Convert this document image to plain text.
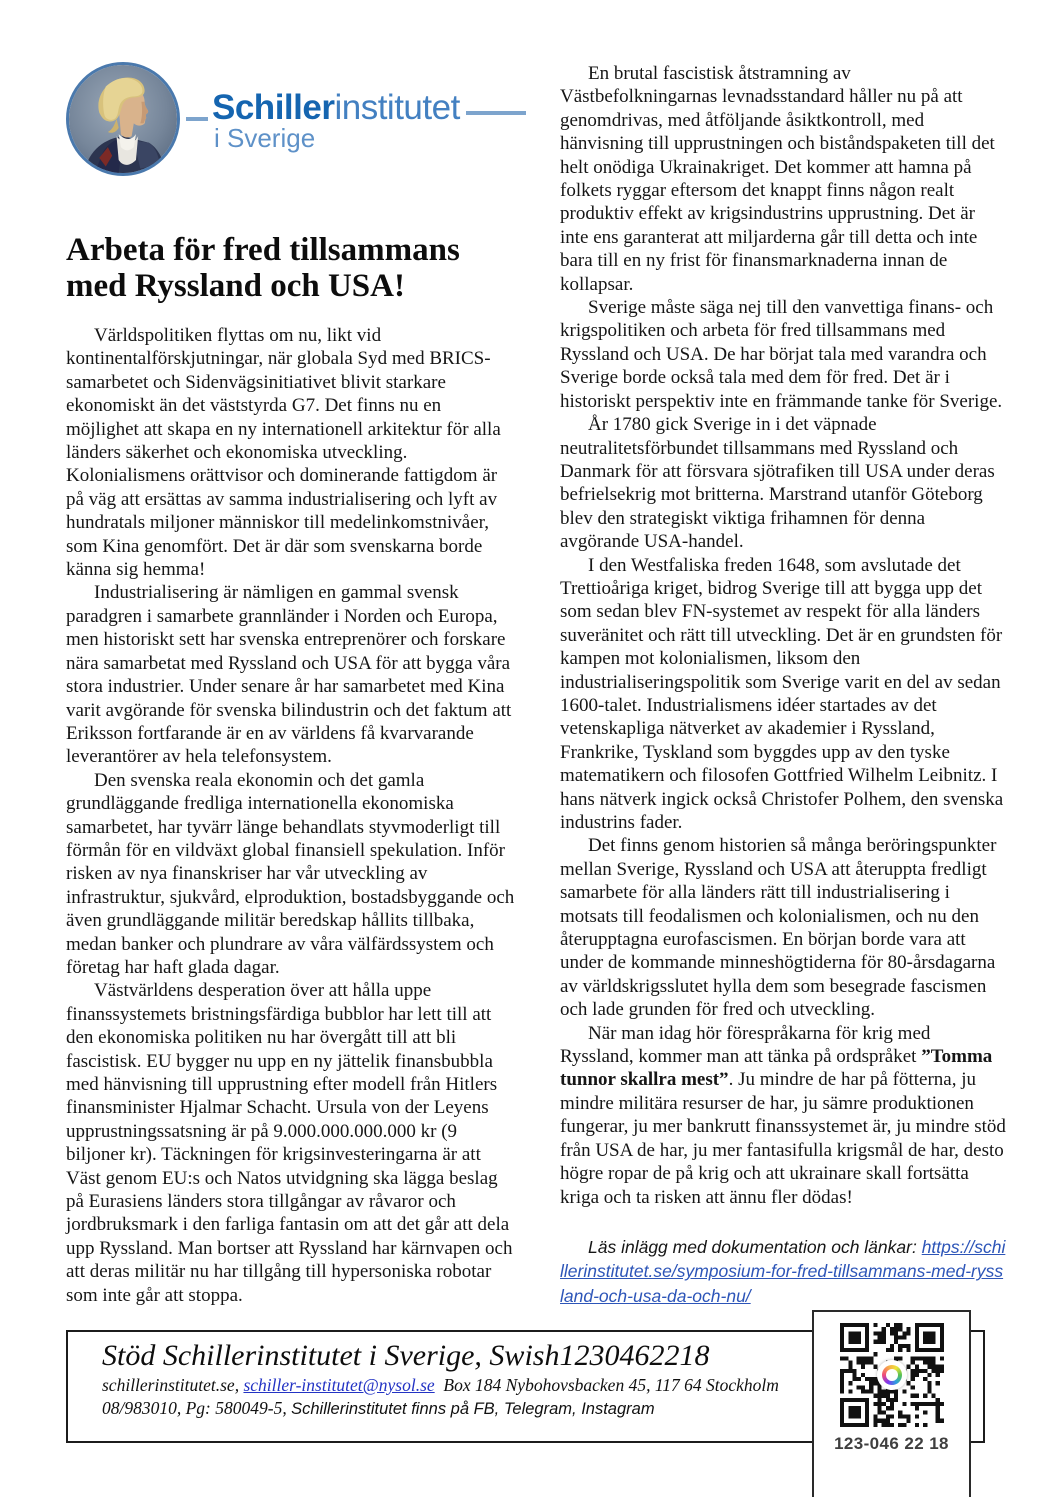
Schiller institutet
i Sverige
Arbeta för fred tillsammans
med Ryssland och USA!

Världspolitiken flyttas om nu, likt vid kontinentalförskjutningar, när globala Syd med BRICS-samarbetet och Sidenvägsinitiativet blivit starkare ekonomiskt än det väststyrda G7. Det finns nu en möjlighet att skapa en ny internationell arkitektur för alla länders säkerhet och ekonomiska utveckling. Kolonialismens orättvisor och dominerande fattigdom är på väg att ersättas av samma industrialisering och lyft av hundratals miljoner människor till medelinkomstnivåer, som Kina genomfört. Det är där som svenskarna borde känna sig hemma!

Industrialisering är nämligen en gammal svensk paradgren i samarbete grannländer i Norden och Europa, men historiskt sett har svenska entreprenörer och forskare nära samarbetat med Ryssland och USA för att bygga våra stora industrier. Under senare år har samarbetet med Kina varit avgörande för svenska bilindustrin och det faktum att Eriksson fortfarande är en av världens få kvarvarande leverantörer av hela telefonsystem.

Den svenska reala ekonomin och det gamla grundläggande fredliga internationella ekonomiska samarbetet, har tyvärr länge behandlats styvmoderligt till förmån för en vildväxt global finansiell spekulation. Inför risken av nya finanskriser har vår utveckling av infrastruktur, sjukvård, elproduktion, bostadsbyggande och även grundläggande militär beredskap hållits tillbaka, medan banker och plundrare av våra välfärdssystem och företag har haft glada dagar.

Västvärldens desperation över att hålla uppe finanssystemets bristningsfärdiga bubblor har lett till att den ekonomiska politiken nu har övergått till att bli fascistisk. EU bygger nu upp en ny jättelik finansbubbla med hänvisning till upprustning efter modell från Hitlers finansminister Hjalmar Schacht. Ursula von der Leyens upprustningssatsning är på 9.000.000.000.000 kr (9 biljoner kr). Täckningen för krigsinvesteringarna är att Väst genom EU:s och Natos utvidgning ska lägga beslag på Eurasiens länders stora tillgångar av råvaror och jordbruksmark i den farliga fantasin om att det går att dela upp Ryssland. Man bortser att Ryssland har kärnvapen och att deras militär nu har tillgång till hypersoniska robotar som inte går att stoppa.

En brutal fascistisk åtstramning av Västbefolkningarnas levnadsstandard håller nu på att genomdrivas, med åtföljande åsiktkontroll, med hänvisning till upprustningen och biståndspaketen till det helt onödiga Ukrainakriget. Det kommer att hamna på folkets ryggar eftersom det knappt finns någon realt produktiv effekt av krigsindustrins upprustning. Det är inte ens garanterat att miljarderna går till detta och inte bara till en ny frist för finansmarknaderna innan de kollapsar.

Sverige måste säga nej till den vanvettiga finans- och krigspolitiken och arbeta för fred tillsammans med Ryssland och USA. De har börjat tala med varandra och Sverige borde också tala med dem för fred. Det är i historiskt perspektiv inte en främmande tanke för Sverige.

År 1780 gick Sverige in i det väpnade neutralitetsförbundet tillsammans med Ryssland och Danmark för att försvara sjötrafiken till USA under deras befrielsekrig mot britterna. Marstrand utanför Göteborg blev den strategiskt viktiga frihamnen för denna avgörande USA-handel.

I den Westfaliska freden 1648, som avslutade det Trettioåriga kriget, bidrog Sverige till att bygga upp det som sedan blev FN-systemet av respekt för alla länders suveränitet och rätt till utveckling. Det är en grundsten för kampen mot kolonialismen, liksom den industrialiseringspolitik som Sverige varit en del av sedan 1600-talet. Industrialismens idéer startades av det vetenskapliga nätverket av akademier i Ryssland, Frankrike, Tyskland som byggdes upp av den tyske matematikern och filosofen Gottfried Wilhelm Leibnitz. I hans nätverk ingick också Christofer Polhem, den svenska industrins fader.

Det finns genom historien så många beröringspunkter mellan Sverige, Ryssland och USA att återuppta fredligt samarbete för alla länders rätt till industrialisering i motsats till feodalismen och kolonialismen, och nu den återupptagna eurofascismen. En början borde vara att under de kommande minneshögtiderna för 80-årsdagarna av världskrigsslutet hylla dem som besegrade fascismen och lade grunden för fred och utveckling.

När man idag hör förespråkarna för krig med Ryssland, kommer man att tänka på ordspråket ”Tomma tunnor skallra mest”. Ju mindre de har på fötterna, ju mindre militära resurser de har, ju sämre produktionen fungerar, ju mer bankrutt finanssystemet är, ju mindre stöd från USA de har, ju mer fantasifulla krigsmål de har, desto högre ropar de på krig och att ukrainare skall fortsätta kriga och ta risken att ännu fler dödas!

Läs inlägg med dokumentation och länkar: https://schillerinstitutet.se/symposium-for-fred-tillsammans-med-ryssland-och-usa-da-och-nu/

Stöd Schillerinstitutet i Sverige, Swish1230462218
schillerinstitutet.se, schiller-institutet@nysol.se Box 184 Nybohovsbacken 45, 117 64 Stockholm
08/983010, Pg: 580049-5, Schillerinstitutet finns på FB, Telegram, Instagram
123-046 22 18
